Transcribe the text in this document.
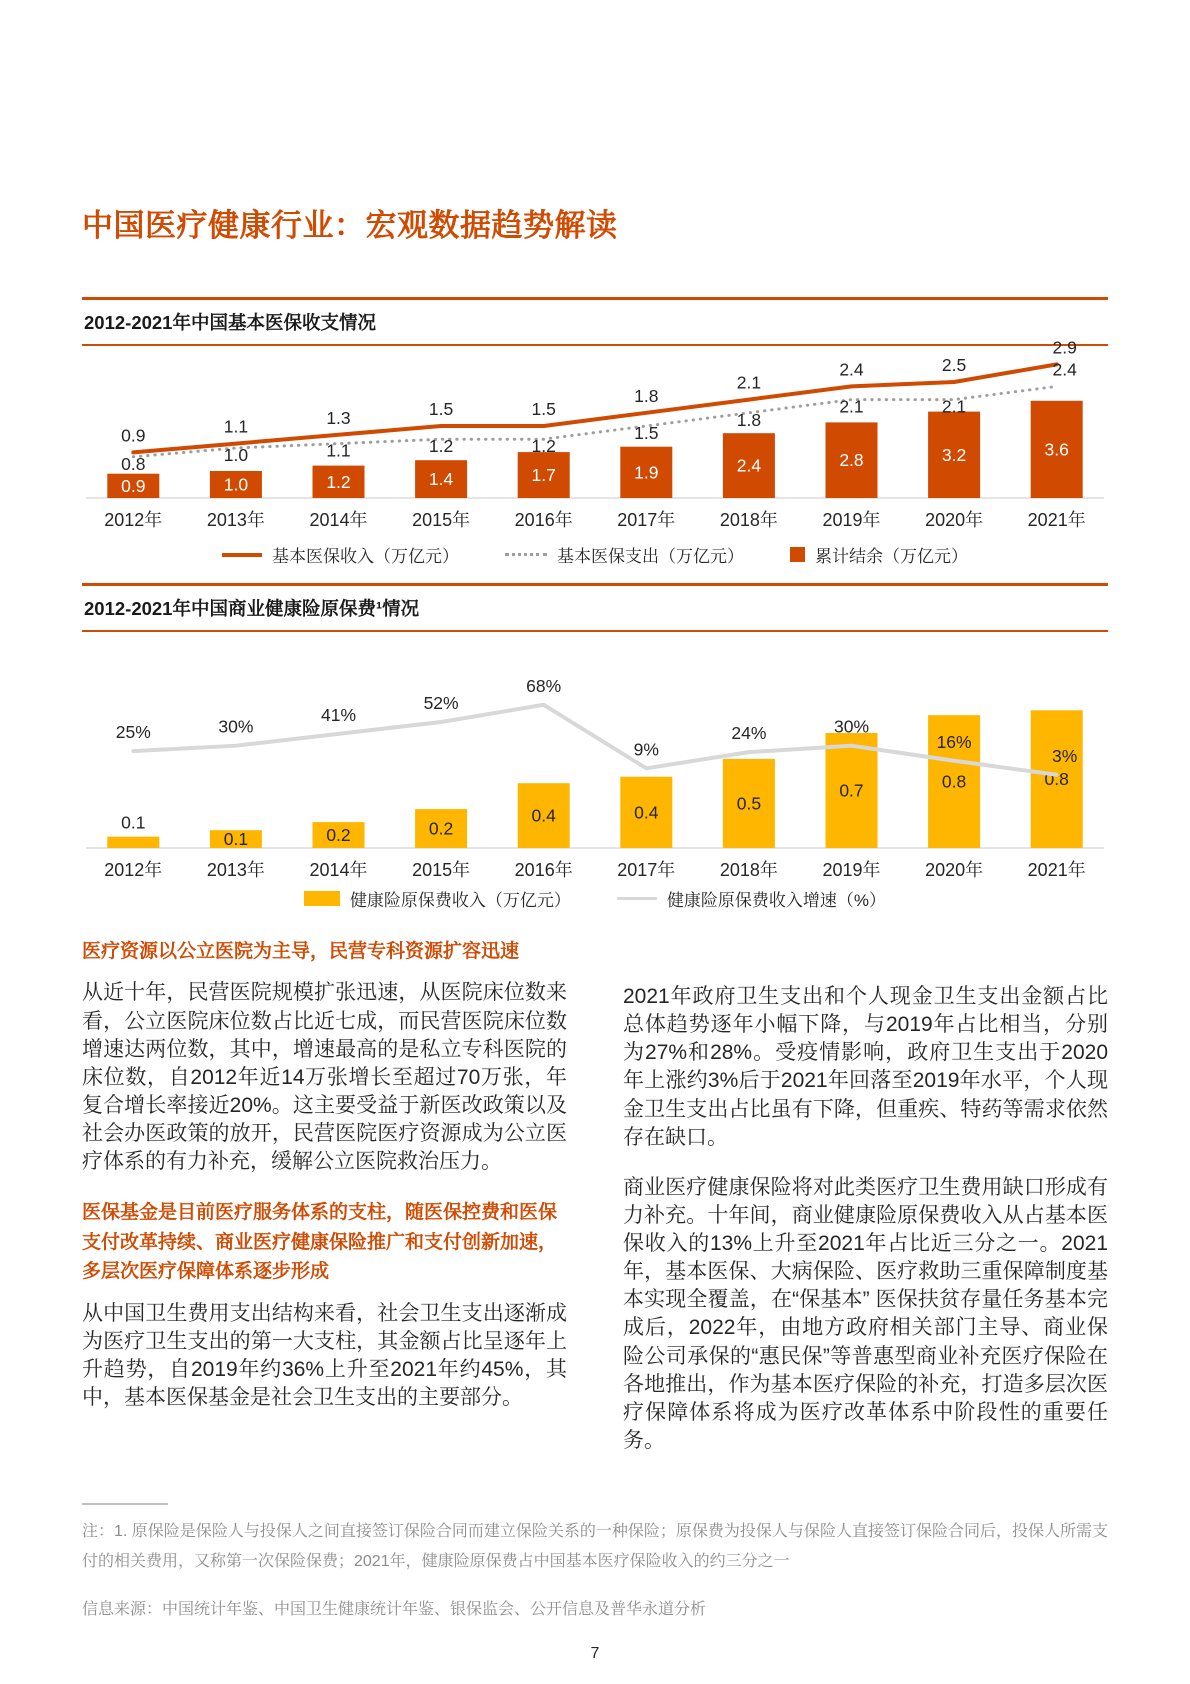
中国医疗健康行业：宏观数据趋势解读
2012-2021年中国基本医保收支情况
0.9	1.0	1.2	1.4	1.7	1.9	2.4	2.8	3.2	3.6
0.9	1.1	1.3	1.5	1.5
1.8
2.1
2.4	2.5
2.9
0.8	1.0	1.1	1.2	1.2
1.5
1.8
2.1	2.1
2.4
2012年 2013年 2014年 2015年 2016年 2017年 2018年 2019年 2020年 2021年
基本医保收入（万亿元）	基本医保支出（万亿元）	累计结余（万亿元）
2012-2021年中国商业健康险原保费¹情况
0.1
0.1	0.2	0.2
0.4	0.4	0.5
0.7	0.8	0.8
25%	30%
41%
52%
68%
9%
24%	30%
16%
3%
2012年 2013年 2014年 2015年 2016年 2017年 2018年 2019年 2020年 2021年
健康险原保费收入（万亿元）	健康险原保费收入增速（%）
医疗资源以公立医院为主导，民营专科资源扩容迅速

从近十年，民营医院规模扩张迅速，从医院床位数来看，公立医院床位数占比近七成，而民营医院床位数增速达两位数，其中，增速最高的是私立专科医院的床位数，自2012年近14万张增长至超过70万张，年复合增长率接近20%。这主要受益于新医改政策以及社会办医政策的放开，民营医院医疗资源成为公立医疗体系的有力补充，缓解公立医院救治压力。

医保基金是目前医疗服务体系的支柱，随医保控费和医保支付改革持续、商业医疗健康保险推广和支付创新加速，多层次医疗保障体系逐步形成

从中国卫生费用支出结构来看，社会卫生支出逐渐成为医疗卫生支出的第一大支柱，其金额占比呈逐年上升趋势，自2019年约36%上升至2021年约45%，其中，基本医保基金是社会卫生支出的主要部分。

2021年政府卫生支出和个人现金卫生支出金额占比总体趋势逐年小幅下降，与2019年占比相当，分别为27%和28%。受疫情影响，政府卫生支出于2020年上涨约3%后于2021年回落至2019年水平，个人现金卫生支出占比虽有下降，但重疾、特药等需求依然存在缺口。

商业医疗健康保险将对此类医疗卫生费用缺口形成有力补充。十年间，商业健康险原保费收入从占基本医保收入的13%上升至2021年占比近三分之一。2021年，基本医保、大病保险、医疗救助三重保障制度基本实现全覆盖，在“保基本” 医保扶贫存量任务基本完成后，2022年，由地方政府相关部门主导、商业保险公司承保的“惠民保”等普惠型商业补充医疗保险在各地推出，作为基本医疗保险的补充，打造多层次医疗保障体系将成为医疗改革体系中阶段性的重要任务。

注：1. 原保险是保险人与投保人之间直接签订保险合同而建立保险关系的一种保险；原保费为投保人与保险人直接签订保险合同后，投保人所需支付的相关费用，又称第一次保险保费；2021年，健康险原保费占中国基本医疗保险收入的约三分之一

信息来源：中国统计年鉴、中国卫生健康统计年鉴、银保监会、公开信息及普华永道分析

7
